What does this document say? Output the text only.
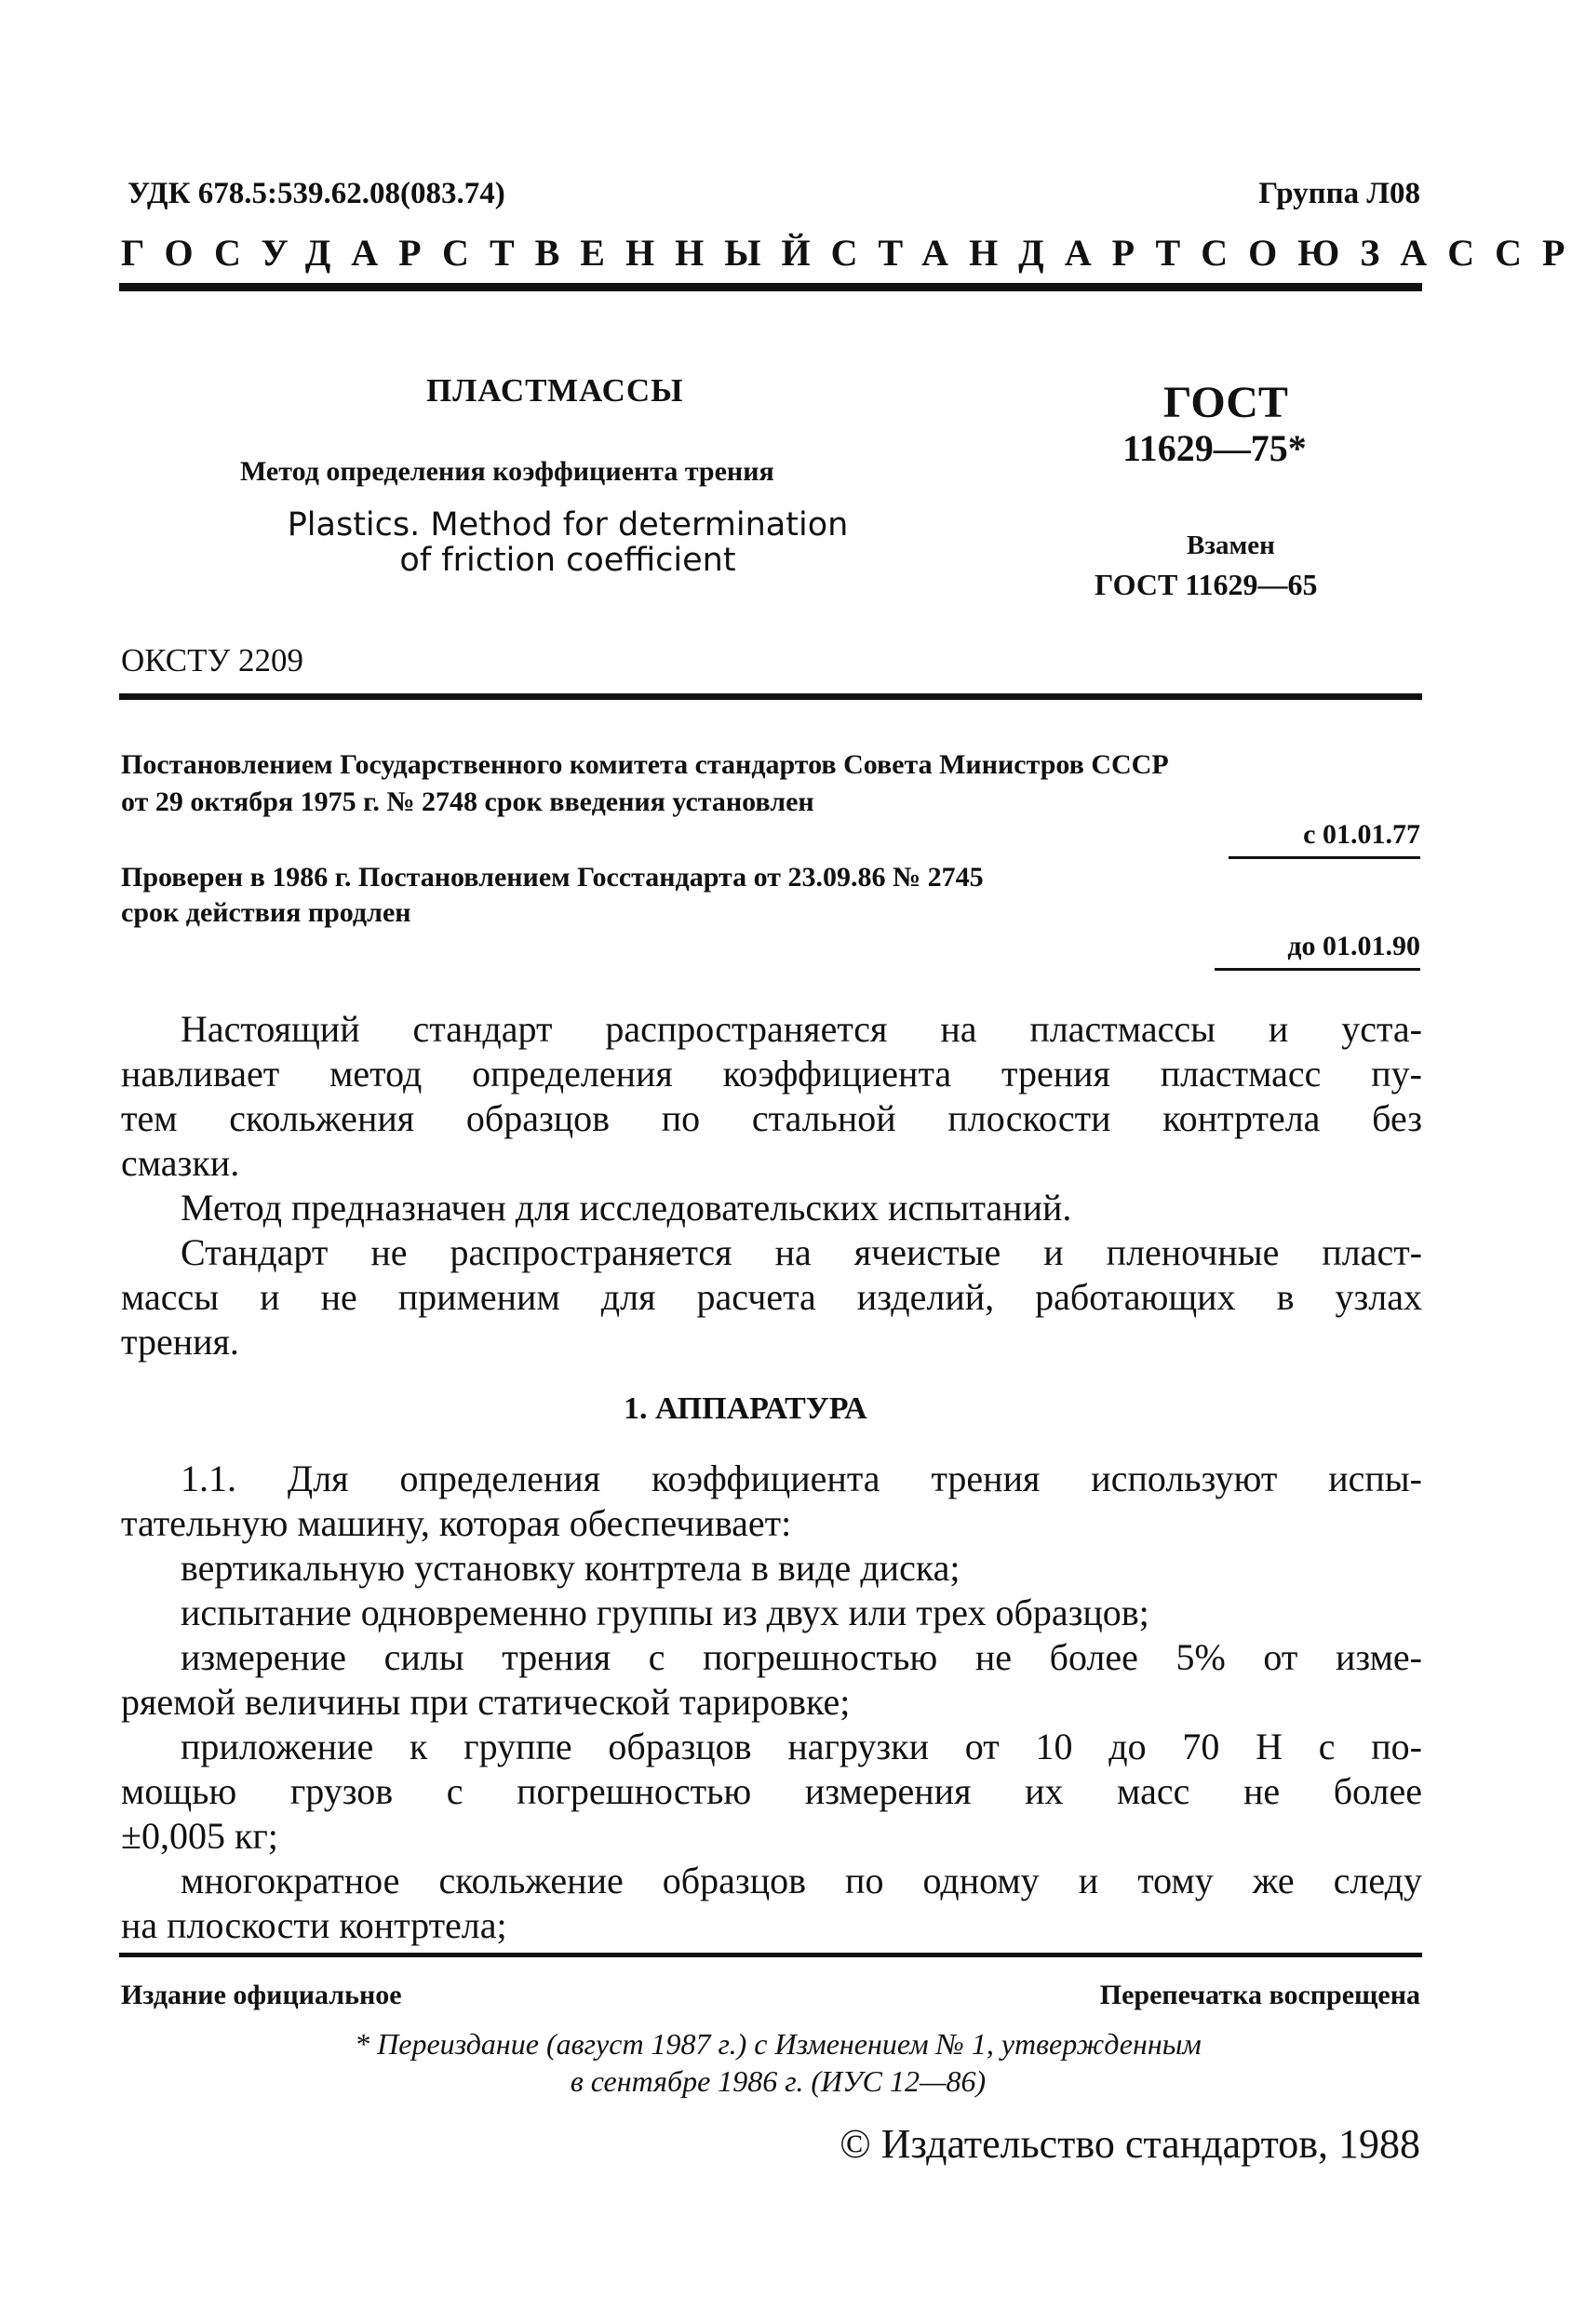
УДК 678.5:539.62.08(083.74)	Группа Л08
ГОСУДАРСТВЕННЫЙ СТАНДАРТ СОЮЗА ССР
ПЛАСТМАССЫ
Метод определения коэффициента трения
Plastics. Method for determination
of friction coefficient
ГОСТ
11629—75*
Взамен
ГОСТ 11629—65
ОКСТУ 2209
Постановлением Государственного комитета стандартов Совета Министров СССР
от 29 октября 1975 г. № 2748 срок введения установлен
с 01.01.77
Проверен в 1986 г. Постановлением Госстандарта от 23.09.86 № 2745
срок действия продлен
до 01.01.90
Настоящий стандарт распространяется на пластмассы и уста-
навливает метод определения коэффициента трения пластмасс пу-
тем скольжения образцов по стальной плоскости контртела без
смазки.
Метод предназначен для исследовательских испытаний.
Стандарт не распространяется на ячеистые и пленочные пласт-
массы и не применим для расчета изделий, работающих в узлах
трения.
1. АППАРАТУРА
1.1. Для определения коэффициента трения используют испы-
тательную машину, которая обеспечивает:
вертикальную установку контртела в виде диска;
испытание одновременно группы из двух или трех образцов;
измерение силы трения с погрешностью не более 5% от изме-
ряемой величины при статической тарировке;
приложение к группе образцов нагрузки от 10 до 70 Н с по-
мощью грузов с погрешностью измерения их масс не более
±0,005 кг;
многократное скольжение образцов по одному и тому же следу
на плоскости контртела;
Издание официальное	Перепечатка воспрещена
* Переиздание (август 1987 г.) с Изменением № 1, утвержденным
в сентябре 1986 г. (ИУС 12—86)
© Издательство стандартов, 1988
